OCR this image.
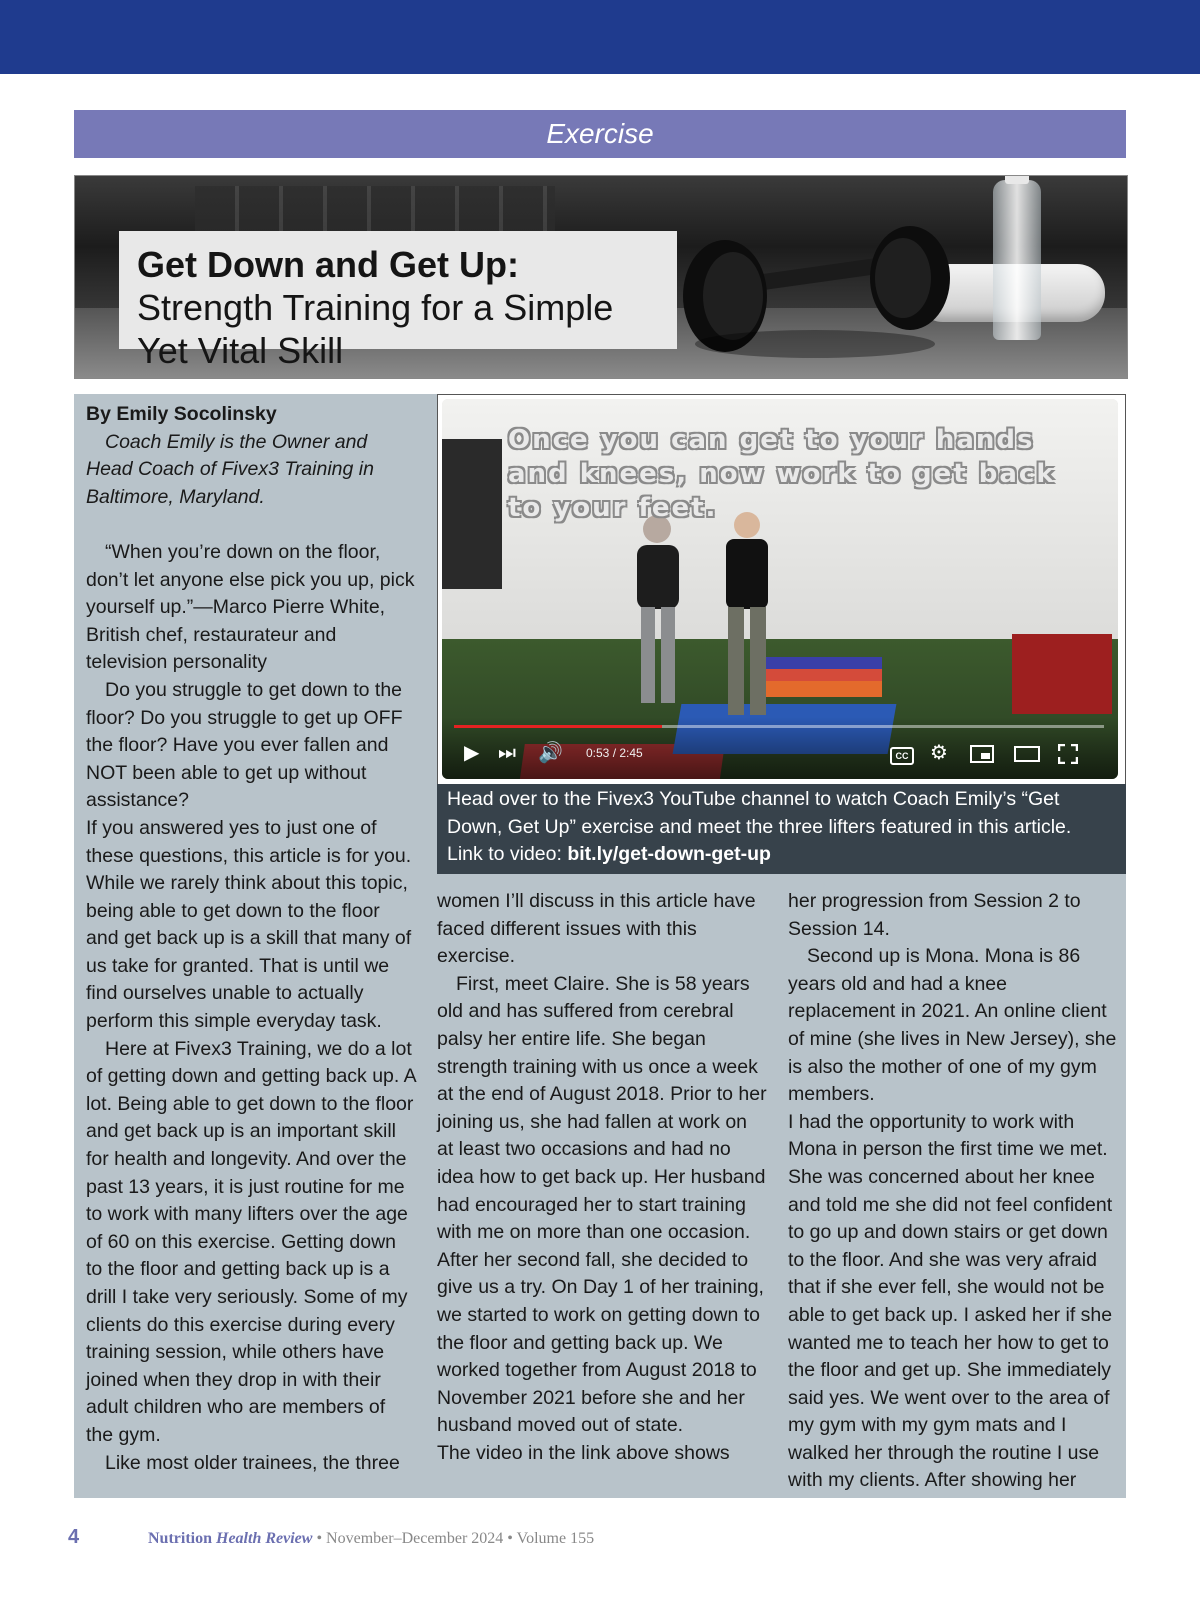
Exercise
Get Down and Get Up: Strength Training for a Simple Yet Vital Skill

By Emily Socolinsky

Coach Emily is the Owner and Head Coach of Fivex3 Training in Baltimore, Maryland.

“When you’re down on the floor, don’t let anyone else pick you up, pick yourself up.”—Marco Pierre White, British chef, restaurateur and television personality

Do you struggle to get down to the floor? Do you struggle to get up OFF the floor? Have you ever fallen and NOT been able to get up without assistance?

If you answered yes to just one of these questions, this article is for you. While we rarely think about this topic, being able to get down to the floor and get back up is a skill that many of us take for granted. That is until we find ourselves unable to actually perform this simple everyday task.

Here at Fivex3 Training, we do a lot of getting down and getting back up. A lot. Being able to get down to the floor and get back up is an important skill for health and longevity. And over the past 13 years, it is just routine for me to work with many lifters over the age of 60 on this exercise. Getting down to the floor and getting back up is a drill I take very seriously. Some of my clients do this exercise during every training session, while others have joined when they drop in with their adult children who are members of the gym.

Like most older trainees, the three

Once you can get to your hands and knees, now work to get back to your feet.
▶ ⏭ 🔊 0:53 / 2:45	CC ⚙
Head over to the Fivex3 YouTube channel to watch Coach Emily’s “Get Down, Get Up” exercise and meet the three lifters featured in this article.
Link to video: bit.ly/get-down-get-up

women I’ll discuss in this article have faced different issues with this exercise.

First, meet Claire. She is 58 years old and has suffered from cerebral palsy her entire life. She began strength training with us once a week at the end of August 2018. Prior to her joining us, she had fallen at work on at least two occasions and had no idea how to get back up. Her husband had encouraged her to start training with me on more than one occasion. After her second fall, she decided to give us a try. On Day 1 of her training, we started to work on getting down to the floor and getting back up. We worked together from August 2018 to November 2021 before she and her husband moved out of state.

The video in the link above shows

her progression from Session 2 to Session 14.

Second up is Mona. Mona is 86 years old and had a knee replacement in 2021. An online client of mine (she lives in New Jersey), she is also the mother of one of my gym members.

I had the opportunity to work with Mona in person the first time we met. She was concerned about her knee and told me she did not feel confident to go up and down stairs or get down to the floor. And she was very afraid that if she ever fell, she would not be able to get back up. I asked her if she wanted me to teach her how to get to the floor and get up. She immediately said yes. We went over to the area of my gym with my gym mats and I walked her through the routine I use with my clients. After showing her

4	Nutrition Health Review • November–December 2024 • Volume 155
